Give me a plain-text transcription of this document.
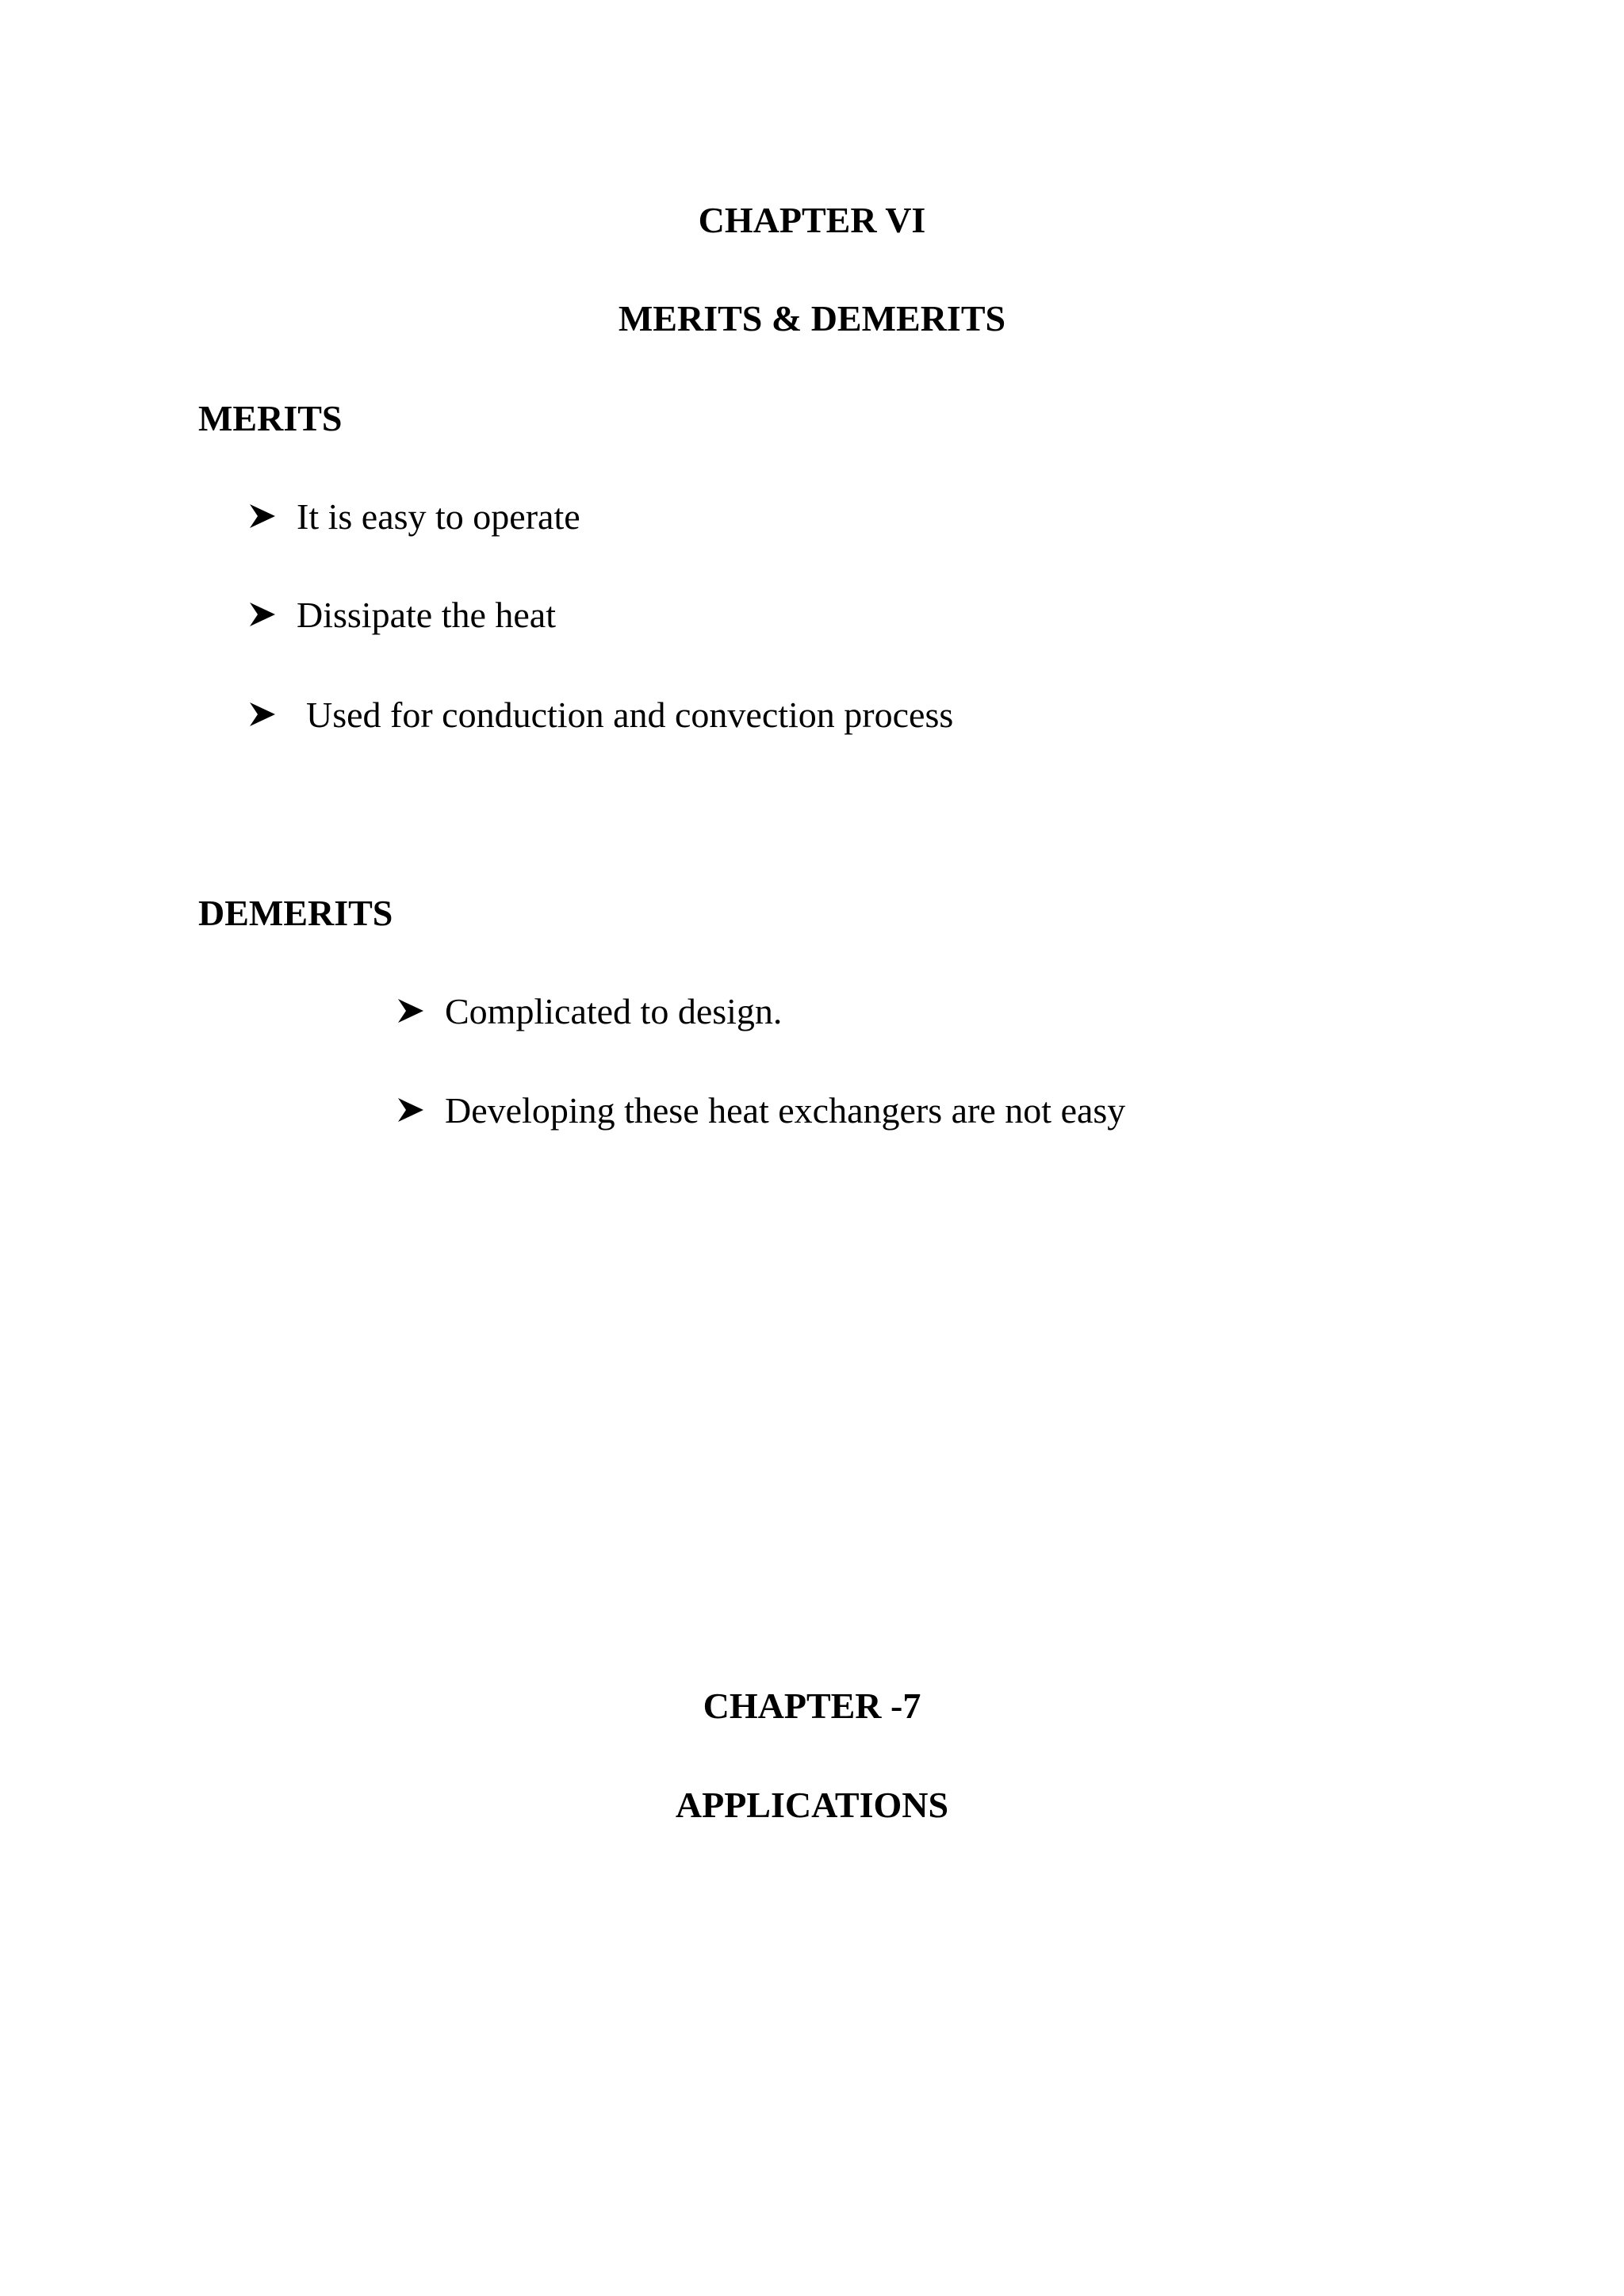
CHAPTER VI
MERITS & DEMERITS
MERITS
It is easy to operate
Dissipate the heat
Used for conduction and convection process
DEMERITS
Complicated to design.
Developing these heat exchangers are not easy
CHAPTER -7
APPLICATIONS
